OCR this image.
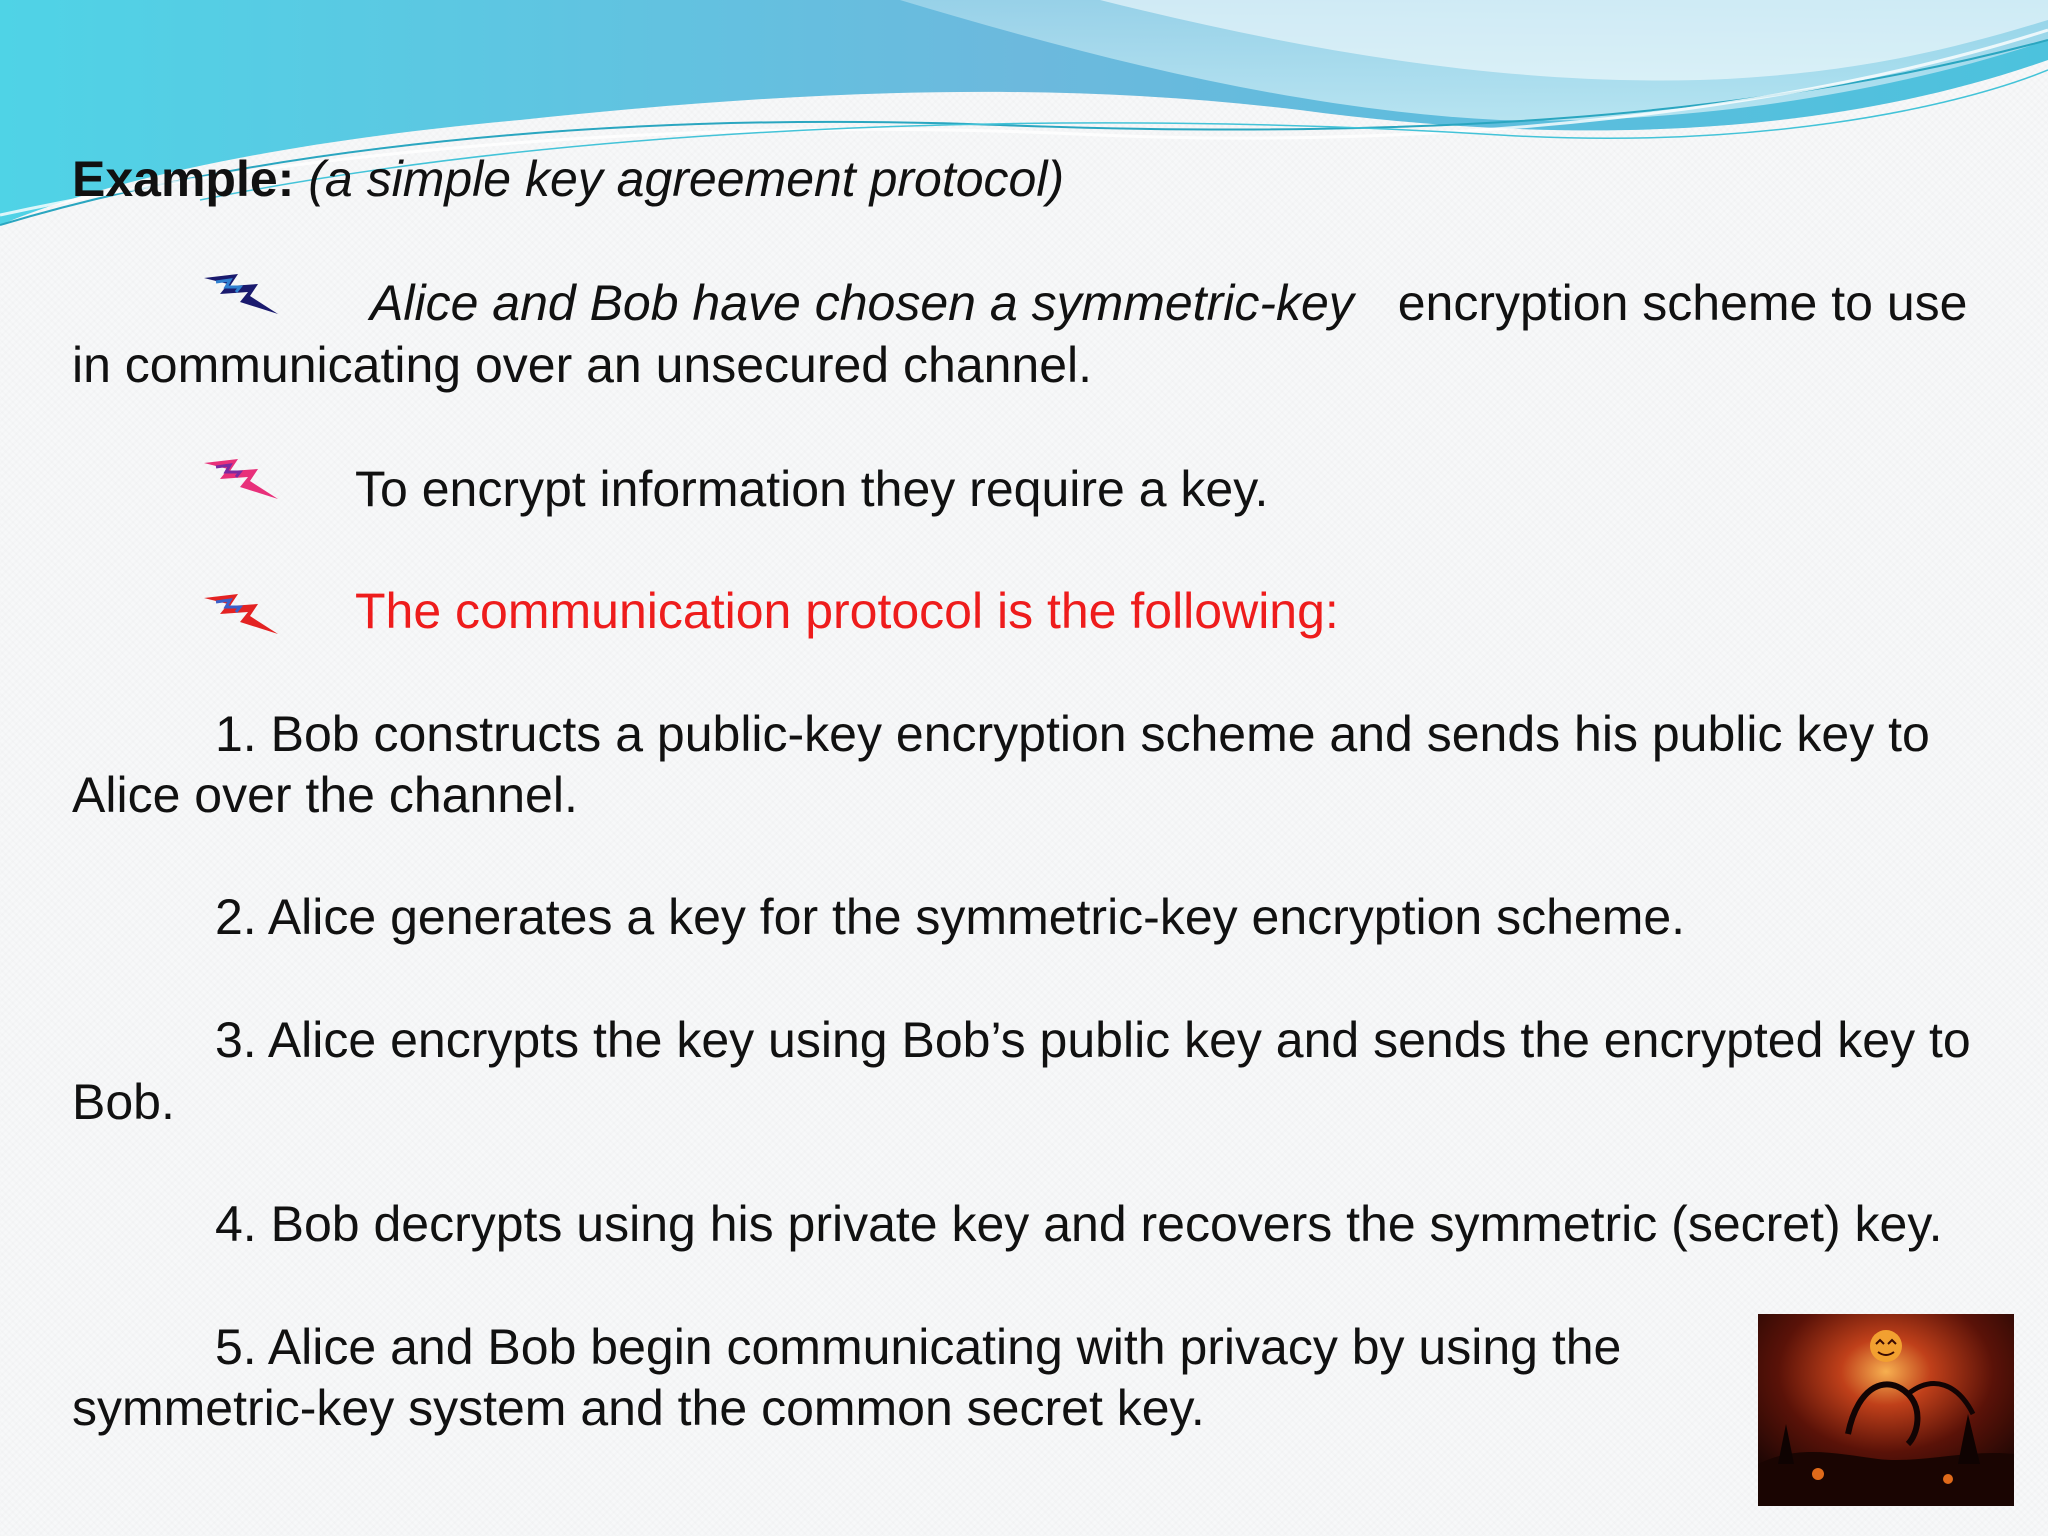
Example: (a simple key agreement protocol)
Alice and Bob have chosen a symmetric-key encryption scheme to use
in communicating over an unsecured channel.
To encrypt information they require a key.
The communication protocol is the following:
1. Bob constructs a public-key encryption scheme and sends his public key to
Alice over the channel.
2. Alice generates a key for the symmetric-key encryption scheme.
3. Alice encrypts the key using Bob’s public key and sends the encrypted key to
Bob.
4. Bob decrypts using his private key and recovers the symmetric (secret) key.
5. Alice and Bob begin communicating with privacy by using the
symmetric-key system and the common secret key.
